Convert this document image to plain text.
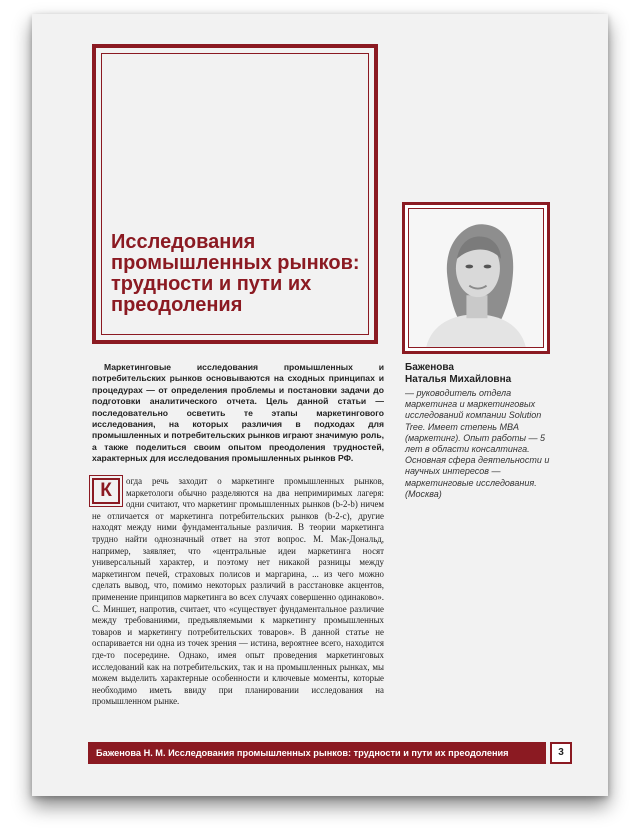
Исследования промышленных рынков: трудности и пути их преодоления
Баженова
Наталья Михайловна
— руководитель отдела маркетинга и маркетинговых исследований компании Solution Tree. Имеет степень MBA (маркетинг). Опыт работы — 5 лет в области консалтинга. Основная сфера деятельности и научных интересов — маркетинговые исследования. (Москва)

Маркетинговые исследования промышленных и потребительских рынков основываются на сходных принципах и процедурах — от определения проблемы и постановки задачи до подготовки аналитического отчета. Цель данной статьи — последовательно осветить те этапы маркетингового исследования, на которых различия в подходах для промышленных и потребительских рынков играют значимую роль, а также поделиться своим опытом преодоления трудностей, характерных для исследования промышленных рынков РФ.

К	огда речь заходит о маркетинге промышленных рынков, маркетологи обычно разделяются на два непримиримых лагеря: одни считают, что маркетинг промышленных рынков (b-2-b) ничем не отличается от маркетинга потребительских рынков (b-2-c), другие находят между ними фундаментальные различия. В теории маркетинга трудно найти однозначный ответ на этот вопрос. М. Мак-Дональд, например, заявляет, что «центральные идеи маркетинга носят универсальный характер, и поэтому нет никакой разницы между маркетингом печей, страховых полисов и маргарина, ... из чего можно сделать вывод, что, помимо некоторых различий в расстановке акцентов, применение принципов маркетинга во всех случаях совершенно одинаково». С. Миншет, напротив, считает, что «существует фундаментальное различие между требованиями, предъявляемыми к маркетингу промышленных товаров и маркетингу потребительских товаров». В данной статье не оспаривается ни одна из точек зрения — истина, вероятнее всего, находится где-то посередине. Однако, имея опыт проведения маркетинговых исследований как на потребительских, так и на промышленных рынках, мы можем выделить характерные особенности и ключевые моменты, которые необходимо иметь ввиду при планировании исследования на промышленном рынке.

Баженова Н. М. Исследования промышленных рынков: трудности и пути их преодоления	3
